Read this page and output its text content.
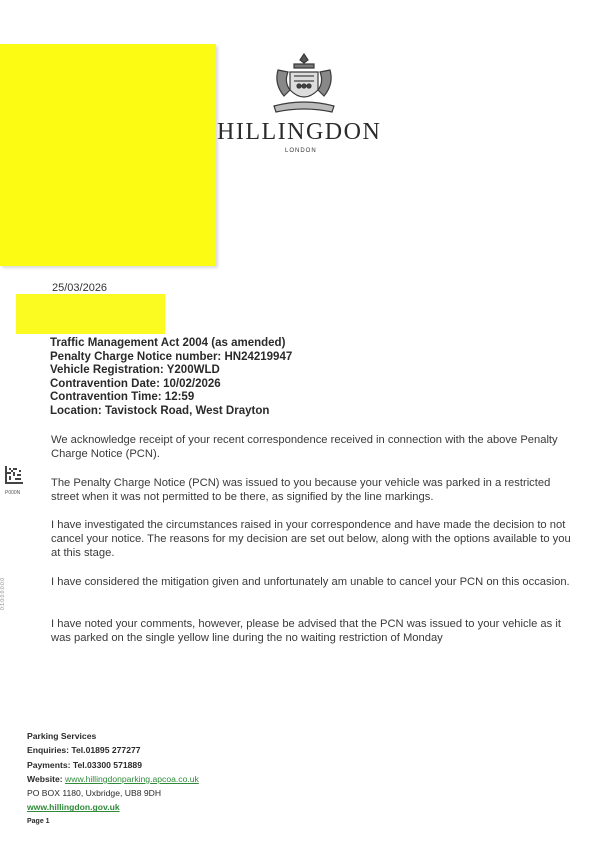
HILLINGDON
LONDON
25/03/2026
Traffic Management Act 2004 (as amended)
Penalty Charge Notice number: HN24219947
Vehicle Registration: Y200WLD
Contravention Date: 10/02/2026
Contravention Time: 12:59
Location: Tavistock Road, West Drayton
P000N
0:1:0:0:0:0:0:0
We acknowledge receipt of your recent correspondence received in connection with the above Penalty Charge Notice (PCN).
The Penalty Charge Notice (PCN) was issued to you because your vehicle was parked in a restricted street when it was not permitted to be there, as signified by the line markings.
I have investigated the circumstances raised in your correspondence and have made the decision to not cancel your notice. The reasons for my decision are set out below, along with the options available to you at this stage.
I have considered the mitigation given and unfortunately am unable to cancel your PCN on this occasion.
I have noted your comments, however, please be advised that the PCN was issued to your vehicle as it was parked on the single yellow line during the no waiting restriction of Monday
Parking Services
Enquiries: Tel.01895 277277
Payments: Tel.03300 571889
Website: www.hillingdonparking.apcoa.co.uk
PO BOX 1180, Uxbridge, UB8 9DH
www.hillingdon.gov.uk
Page 1
